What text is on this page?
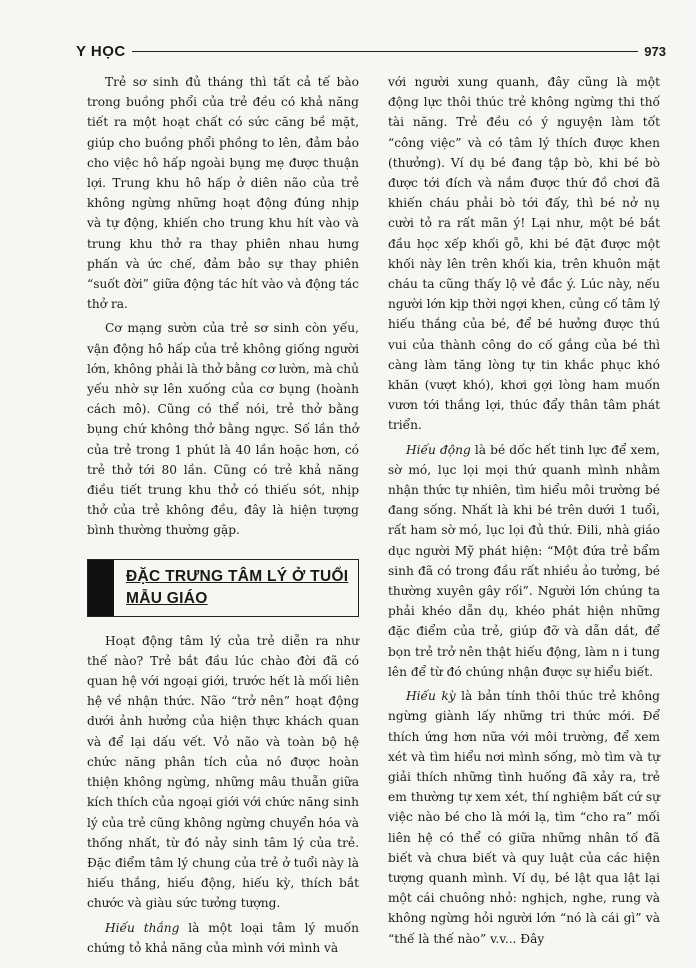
Y HỌC	973

Trẻ sơ sinh đủ tháng thì tất cả tế bào trong buồng phổi của trẻ đều có khả năng tiết ra một hoạt chất có sức căng bề mặt, giúp cho buồng phổi phồng to lên, đảm bảo cho việc hô hấp ngoài bụng mẹ được thuận lợi. Trung khu hô hấp ở diên não của trẻ không ngừng những hoạt động đúng nhịp và tự động, khiến cho trung khu hít vào và trung khu thở ra thay phiên nhau hưng phấn và ức chế, đảm bảo sự thay phiên “suốt đời” giữa động tác hít vào và động tác thở ra.

Cơ mạng sườn của trẻ sơ sinh còn yếu, vận động hô hấp của trẻ không giống người lớn, không phải là thở bằng cơ lườn, mà chủ yếu nhờ sự lên xuống của cơ bụng (hoành cách mô). Cũng có thể nói, trẻ thở bằng bụng chứ không thở bằng ngực. Số lần thở của trẻ trong 1 phút là 40 lần hoặc hơn, có trẻ thở tới 80 lần. Cũng có trẻ khả năng điều tiết trung khu thở có thiếu sót, nhịp thở của trẻ không đều, đây là hiện tượng bình thường thường gặp.

ĐẶC TRƯNG TÂM LÝ Ở TUỔI
MẪU GIÁO

Hoạt động tâm lý của trẻ diễn ra như thế nào? Trẻ bắt đầu lúc chào đời đã có quan hệ với ngoại giới, trước hết là mối liên hệ về nhận thức. Não “trở nên” hoạt động dưới ảnh hưởng của hiện thực khách quan và để lại dấu vết. Vỏ não và toàn bộ hệ chức năng phân tích của nó được hoàn thiện không ngừng, những mâu thuẫn giữa kích thích của ngoại giới với chức năng sinh lý của trẻ cũng không ngừng chuyển hóa và thống nhất, từ đó nảy sinh tâm lý của trẻ. Đặc điểm tâm lý chung của trẻ ở tuổi này là hiếu thắng, hiếu động, hiếu kỳ, thích bắt chước và giàu sức tưởng tượng.

Hiếu thắng là một loại tâm lý muốn chứng tỏ khả năng của mình với mình và

với người xung quanh, đây cũng là một động lực thôi thúc trẻ không ngừng thi thố tài năng. Trẻ đều có ý nguyện làm tốt “công việc” và có tâm lý thích được khen (thưởng). Ví dụ bé đang tập bò, khi bé bò được tới đích và nắm được thứ đồ chơi đã khiến cháu phải bò tới đấy, thì bé nở nụ cười tỏ ra rất mãn ý! Lại như, một bé bắt đầu học xếp khối gỗ, khi bé đặt được một khối này lên trên khối kia, trên khuôn mặt cháu ta cũng thấy lộ vẻ đắc ý. Lúc này, nếu người lớn kịp thời ngợi khen, củng cố tâm lý hiếu thắng của bé, để bé hưởng được thú vui của thành công do cố gắng của bé thì càng làm tăng lòng tự tin khắc phục khó khăn (vượt khó), khơi gợi lòng ham muốn vươn tới thắng lợi, thúc đẩy thân tâm phát triển.

Hiếu động là bé dốc hết tinh lực để xem, sờ mó, lục lọi mọi thứ quanh mình nhằm nhận thức tự nhiên, tìm hiểu môi trường bé đang sống. Nhất là khi bé trên dưới 1 tuổi, rất ham sờ mó, lục lọi đủ thứ. Đili, nhà giáo dục người Mỹ phát hiện: “Một đứa trẻ bẩm sinh đã có trong đầu rất nhiều ảo tưởng, bé thường xuyên gây rối”. Người lớn chúng ta phải khéo dẫn dụ, khéo phát hiện những đặc điểm của trẻ, giúp đỡ và dẫn dắt, để bọn trẻ trở nên thật hiếu động, làm n i tung lên để từ đó chúng nhận được sự hiểu biết.

Hiếu kỳ là bản tính thôi thúc trẻ không ngừng giành lấy những tri thức mới. Để thích ứng hơn nữa với môi trường, để xem xét và tìm hiểu nơi mình sống, mò tìm và tự giải thích những tình huống đã xảy ra, trẻ em thường tự xem xét, thí nghiệm bất cứ sự việc nào bé cho là mới lạ, tìm “cho ra” mối liên hệ có thể có giữa những nhân tố đã biết và chưa biết và quy luật của các hiện tượng quanh mình. Ví dụ, bé lật qua lật lại một cái chuông nhỏ: nghịch, nghe, rung và không ngừng hỏi người lớn “nó là cái gì” và “thế là thế nào” v.v... Đây
